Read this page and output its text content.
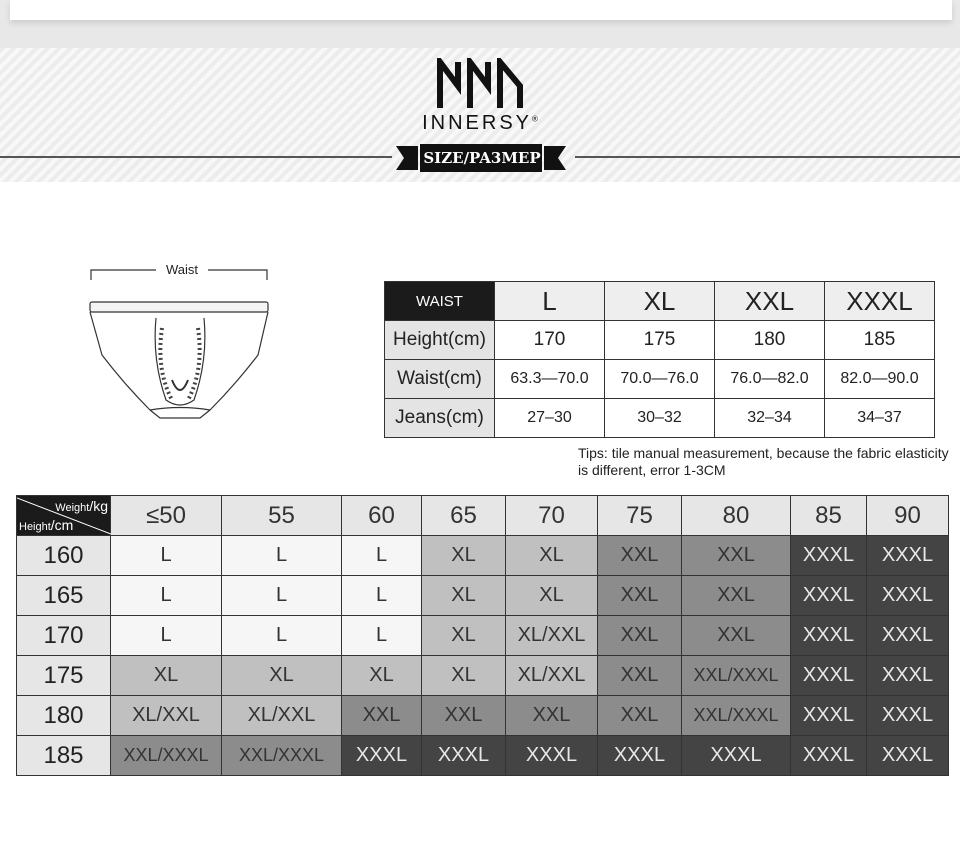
INNERSY®
SIZE/PA3MEP
Waist
WAIST	L	XL	XXL	XXXL
Height(cm)	170	175	180	185
Waist(cm)	63.3—70.0	70.0—76.0	76.0—82.0	82.0—90.0
Jeans(cm)	27–30	30–32	32–34	34–37
Tips: tile manual measurement, because the fabric elasticity is different, error 1-3CM
Weight/kg
Height/cm	≤50	55	60	65	70	75	80	85	90
160	L	L	L	XL	XL	XXL	XXL	XXXL	XXXL
165	L	L	L	XL	XL	XXL	XXL	XXXL	XXXL
170	L	L	L	XL	XL/XXL	XXL	XXL	XXXL	XXXL
175	XL	XL	XL	XL	XL/XXL	XXL	XXL/XXXL	XXXL	XXXL
180	XL/XXL	XL/XXL	XXL	XXL	XXL	XXL	XXL/XXXL	XXXL	XXXL
185	XXL/XXXL	XXL/XXXL	XXXL	XXXL	XXXL	XXXL	XXXL	XXXL	XXXL
